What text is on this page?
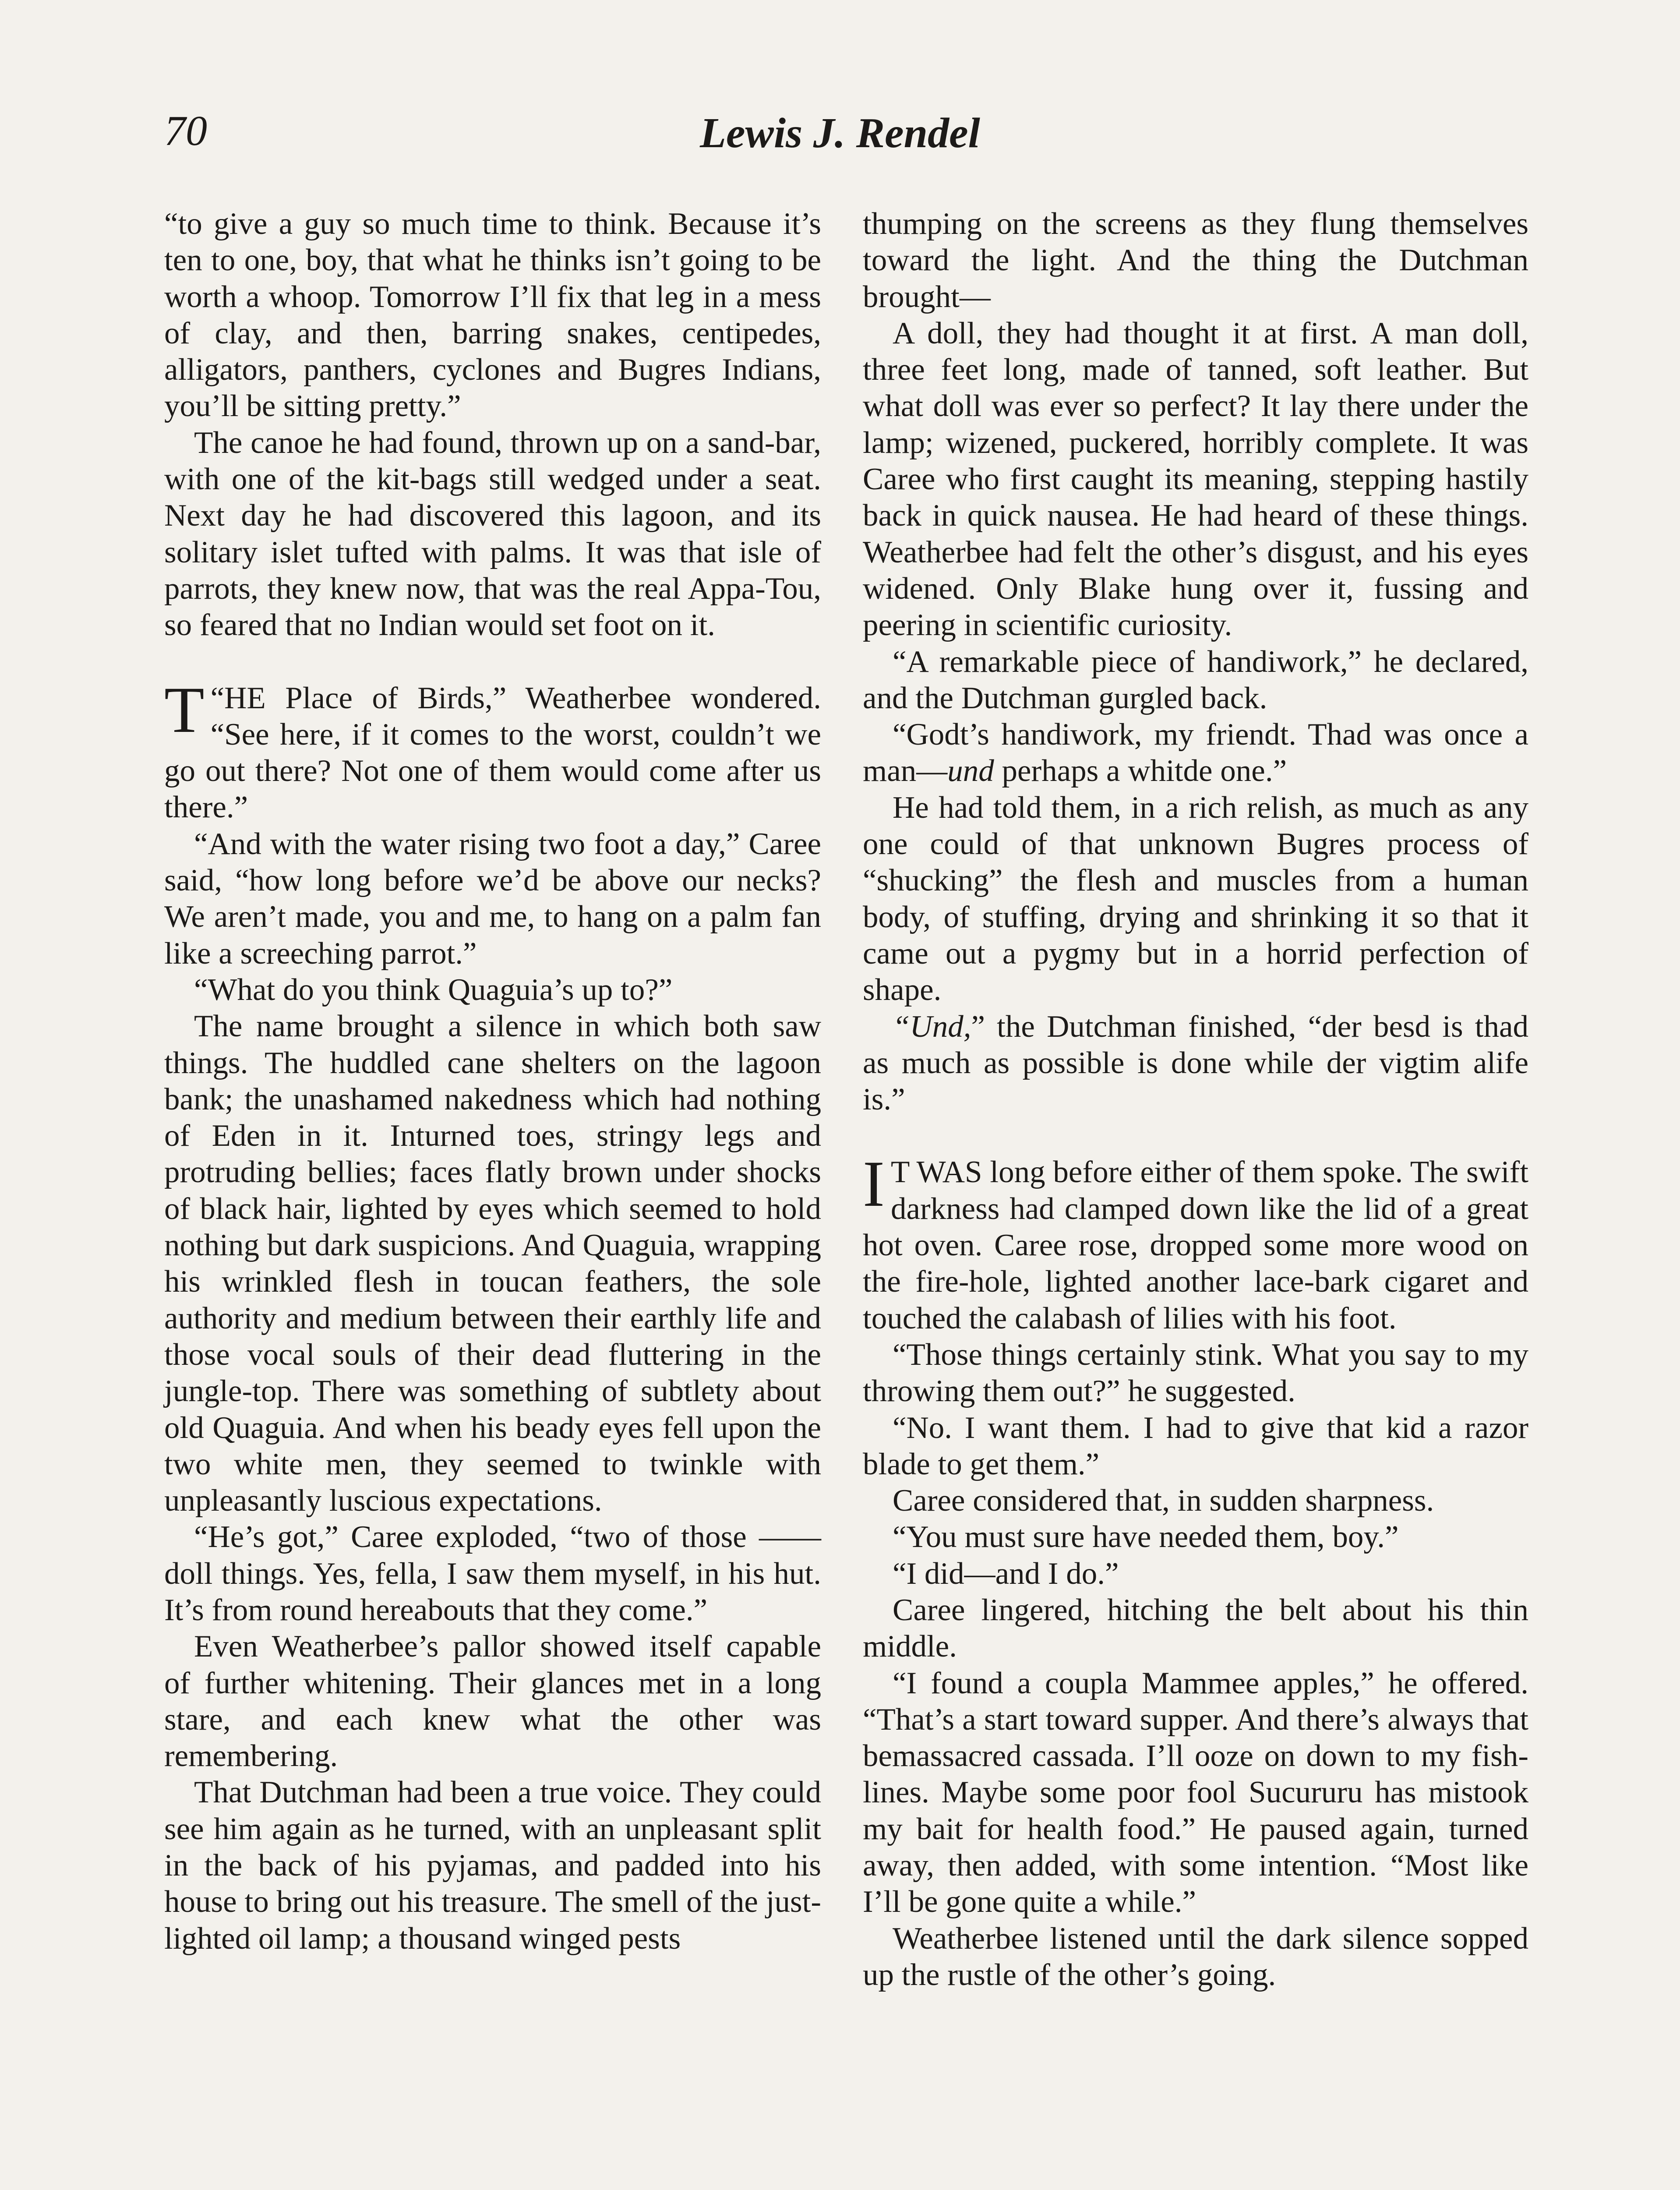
70	Lewis J. Rendel

“to give a guy so much time to think. Because it’s ten to one, boy, that what he thinks isn’t going to be worth a whoop. Tomorrow I’ll fix that leg in a mess of clay, and then, barring snakes, centipedes, alligators, panthers, cyclones and Bugres Indians, you’ll be sitting pretty.”

The canoe he had found, thrown up on a sand-bar, with one of the kit-bags still wedged under a seat. Next day he had discovered this lagoon, and its solitary islet tufted with palms. It was that isle of parrots, they knew now, that was the real Appa-Tou, so feared that no Indian would set foot on it.

“
T HE Place of Birds,” Weatherbee wondered. “See here, if it comes to the worst, couldn’t we go out there? Not one of them would come after us there.”

“And with the water rising two foot a day,” Caree said, “how long before we’d be above our necks? We aren’t made, you and me, to hang on a palm fan like a screeching parrot.”

“What do you think Quaguia’s up to?”

The name brought a silence in which both saw things. The huddled cane shelters on the lagoon bank; the unashamed nakedness which had nothing of Eden in it. Inturned toes, stringy legs and protruding bellies; faces flatly brown under shocks of black hair, lighted by eyes which seemed to hold nothing but dark suspicions. And Quaguia, wrapping his wrinkled flesh in toucan feathers, the sole authority and medium between their earthly life and those vocal souls of their dead fluttering in the jungle-top. There was something of subtlety about old Quaguia. And when his beady eyes fell upon the two white men, they seemed to twinkle with unpleasantly luscious expectations.

“He’s got,” Caree exploded, “two of those —— doll things. Yes, fella, I saw them myself, in his hut. It’s from round hereabouts that they come.”

Even Weatherbee’s pallor showed itself capable of further whitening. Their glances met in a long stare, and each knew what the other was remembering.

That Dutchman had been a true voice. They could see him again as he turned, with an unpleasant split in the back of his pyjamas, and padded into his house to bring out his treasure. The smell of the just-lighted oil lamp; a thousand winged pests

thumping on the screens as they flung themselves toward the light. And the thing the Dutchman brought—

A doll, they had thought it at first. A man doll, three feet long, made of tanned, soft leather. But what doll was ever so perfect? It lay there under the lamp; wizened, puckered, horribly complete. It was Caree who first caught its meaning, stepping hastily back in quick nausea. He had heard of these things. Weatherbee had felt the other’s disgust, and his eyes widened. Only Blake hung over it, fussing and peering in scientific curiosity.

“A remarkable piece of handiwork,” he declared, and the Dutchman gurgled back.

“Godt’s handiwork, my friendt. Thad was once a man—und perhaps a whitde one.”

He had told them, in a rich relish, as much as any one could of that unknown Bugres process of “shucking” the flesh and muscles from a human body, of stuffing, drying and shrinking it so that it came out a pygmy but in a horrid perfection of shape.

“Und,” the Dutchman finished, “der besd is thad as much as possible is done while der vigtim alife is.”

I T WAS long before either of them spoke. The swift darkness had clamped down like the lid of a great hot oven. Caree rose, dropped some more wood on the fire-hole, lighted another lace-bark cigaret and touched the calabash of lilies with his foot.

“Those things certainly stink. What you say to my throwing them out?” he suggested.

“No. I want them. I had to give that kid a razor blade to get them.”

Caree considered that, in sudden sharpness.

“You must sure have needed them, boy.”

“I did—and I do.”

Caree lingered, hitching the belt about his thin middle.

“I found a coupla Mammee apples,” he offered. “That’s a start toward supper. And there’s always that bemassacred cassada. I’ll ooze on down to my fish-lines. Maybe some poor fool Sucururu has mistook my bait for health food.” He paused again, turned away, then added, with some intention. “Most like I’ll be gone quite a while.”

Weatherbee listened until the dark silence sopped up the rustle of the other’s going.
